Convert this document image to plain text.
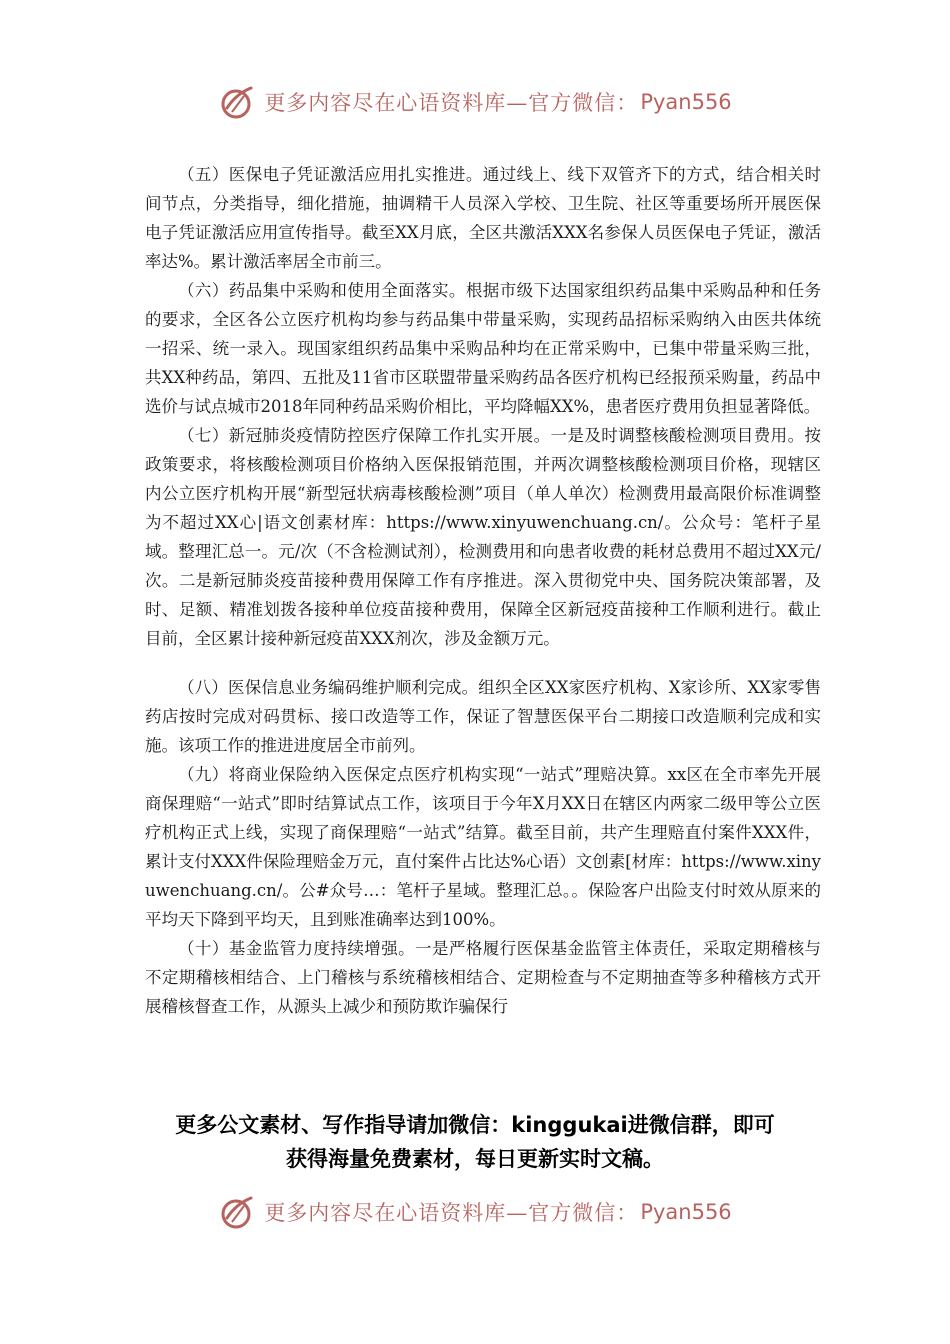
更多内容尽在心语资料库—官方微信： Pyan556

（五）医保电子凭证激活应用扎实推进。通过线上、线下双管齐下的方式，结合相关时间节点，分类指导，细化措施，抽调精干人员深入学校、卫生院、社区等重要场所开展医保电子凭证激活应用宣传指导。截至XX月底，全区共激活XXX名参保人员医保电子凭证，激活率达%。累计激活率居全市前三。

（六）药品集中采购和使用全面落实。根据市级下达国家组织药品集中采购品种和任务的要求，全区各公立医疗机构均参与药品集中带量采购，实现药品招标采购纳入由医共体统一招采、统一录入。现国家组织药品集中采购品种均在正常采购中，已集中带量采购三批，共XX种药品，第四、五批及11省市区联盟带量采购药品各医疗机构已经报预采购量，药品中选价与试点城市2018年同种药品采购价相比，平均降幅XX%，患者医疗费用负担显著降低。

（七）新冠肺炎疫情防控医疗保障工作扎实开展。一是及时调整核酸检测项目费用。按政策要求，将核酸检测项目价格纳入医保报销范围，并两次调整核酸检测项目价格，现辖区内公立医疗机构开展“新型冠状病毒核酸检测”项目（单人单次）检测费用最高限价标准调整为不超过XX心|语文创素材库：https://www.xinyuwenchuang.cn/。公众号：笔杆子星域。整理汇总一。元/次（不含检测试剂），检测费用和向患者收费的耗材总费用不超过XX元/次。二是新冠肺炎疫苗接种费用保障工作有序推进。深入贯彻党中央、国务院决策部署，及时、足额、精准划拨各接种单位疫苗接种费用，保障全区新冠疫苗接种工作顺利进行。截止目前，全区累计接种新冠疫苗XXX剂次，涉及金额万元。

（八）医保信息业务编码维护顺利完成。组织全区XX家医疗机构、X家诊所、XX家零售药店按时完成对码贯标、接口改造等工作，保证了智慧医保平台二期接口改造顺利完成和实施。该项工作的推进进度居全市前列。

（九）将商业保险纳入医保定点医疗机构实现“一站式”理赔决算。xx区在全市率先开展商保理赔“一站式”即时结算试点工作，该项目于今年X月XX日在辖区内两家二级甲等公立医疗机构正式上线，实现了商保理赔“一站式”结算。截至目前，共产生理赔直付案件XXX件，累计支付XXX件保险理赔金万元，直付案件占比达%心语）文创素[材库：https://www.xinyuwenchuang.cn/。公#众号…：笔杆子星域。整理汇总。。保险客户出险支付时效从原来的平均天下降到平均天，且到账准确率达到100%。

（十）基金监管力度持续增强。一是严格履行医保基金监管主体责任，采取定期稽核与不定期稽核相结合、上门稽核与系统稽核相结合、定期检查与不定期抽查等多种稽核方式开展稽核督查工作，从源头上减少和预防欺诈骗保行

更多公文素材、写作指导请加微信：kinggukai进微信群，即可
获得海量免费素材，每日更新实时文稿。
更多内容尽在心语资料库—官方微信： Pyan556
